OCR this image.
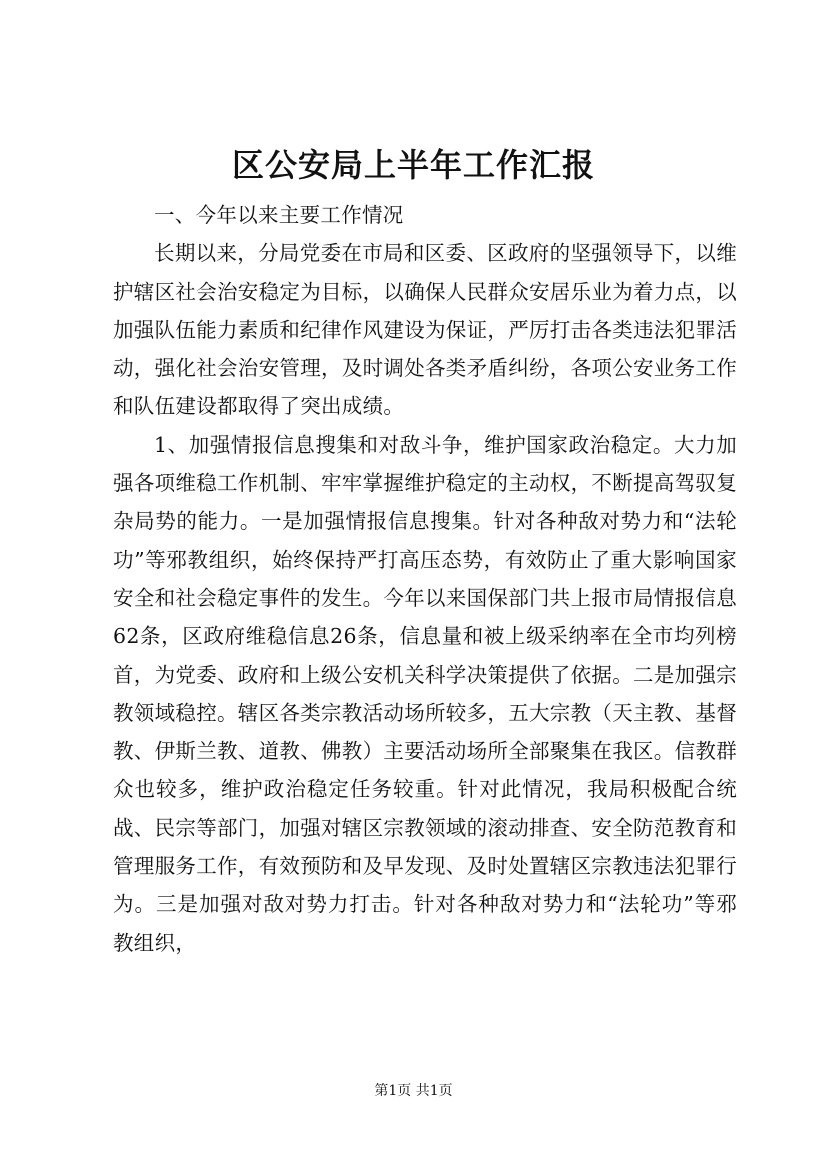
区公安局上半年工作汇报

一、今年以来主要工作情况

长期以来，分局党委在市局和区委、区政府的坚强领导下，以维护辖区社会治安稳定为目标，以确保人民群众安居乐业为着力点，以加强队伍能力素质和纪律作风建设为保证，严厉打击各类违法犯罪活动，强化社会治安管理，及时调处各类矛盾纠纷，各项公安业务工作和队伍建设都取得了突出成绩。

1、加强情报信息搜集和对敌斗争，维护国家政治稳定。大力加强各项维稳工作机制、牢牢掌握维护稳定的主动权，不断提高驾驭复杂局势的能力。一是加强情报信息搜集。针对各种敌对势力和“法轮功”等邪教组织，始终保持严打高压态势，有效防止了重大影响国家安全和社会稳定事件的发生。今年以来国保部门共上报市局情报信息62条，区政府维稳信息26条，信息量和被上级采纳率在全市均列榜首，为党委、政府和上级公安机关科学决策提供了依据。二是加强宗教领域稳控。辖区各类宗教活动场所较多，五大宗教（天主教、基督教、伊斯兰教、道教、佛教）主要活动场所全部聚集在我区。信教群众也较多，维护政治稳定任务较重。针对此情况，我局积极配合统战、民宗等部门，加强对辖区宗教领域的滚动排查、安全防范教育和管理服务工作，有效预防和及早发现、及时处置辖区宗教违法犯罪行为。三是加强对敌对势力打击。针对各种敌对势力和“法轮功”等邪教组织，

第1页 共1页
